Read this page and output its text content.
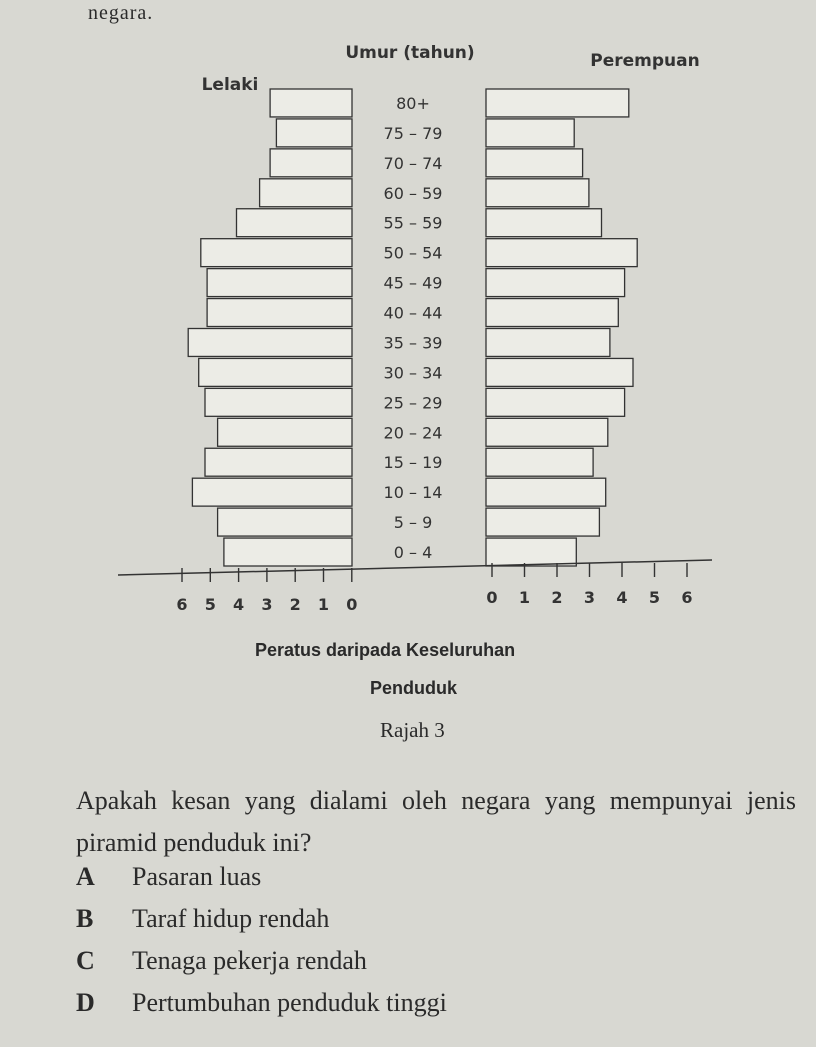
negara.
Umur (tahun)
Lelaki
Perempuan
80+
75 – 79
70 – 74
60 – 59
55 – 59
50 – 54
45 – 49
40 – 44
35 – 39
30 – 34
25 – 29
20 – 24
15 – 19
10 – 14
5 – 9
0 – 4
6 5 4 3 2 1 0	0 1 2 3 4 5 6
Peratus daripada Keseluruhan
Penduduk
Rajah 3
Apakah kesan yang dialami oleh negara yang mempunyai jenis piramid penduduk ini?
A Pasaran luas
B Taraf hidup rendah
C Tenaga pekerja rendah
D Pertumbuhan penduduk tinggi
